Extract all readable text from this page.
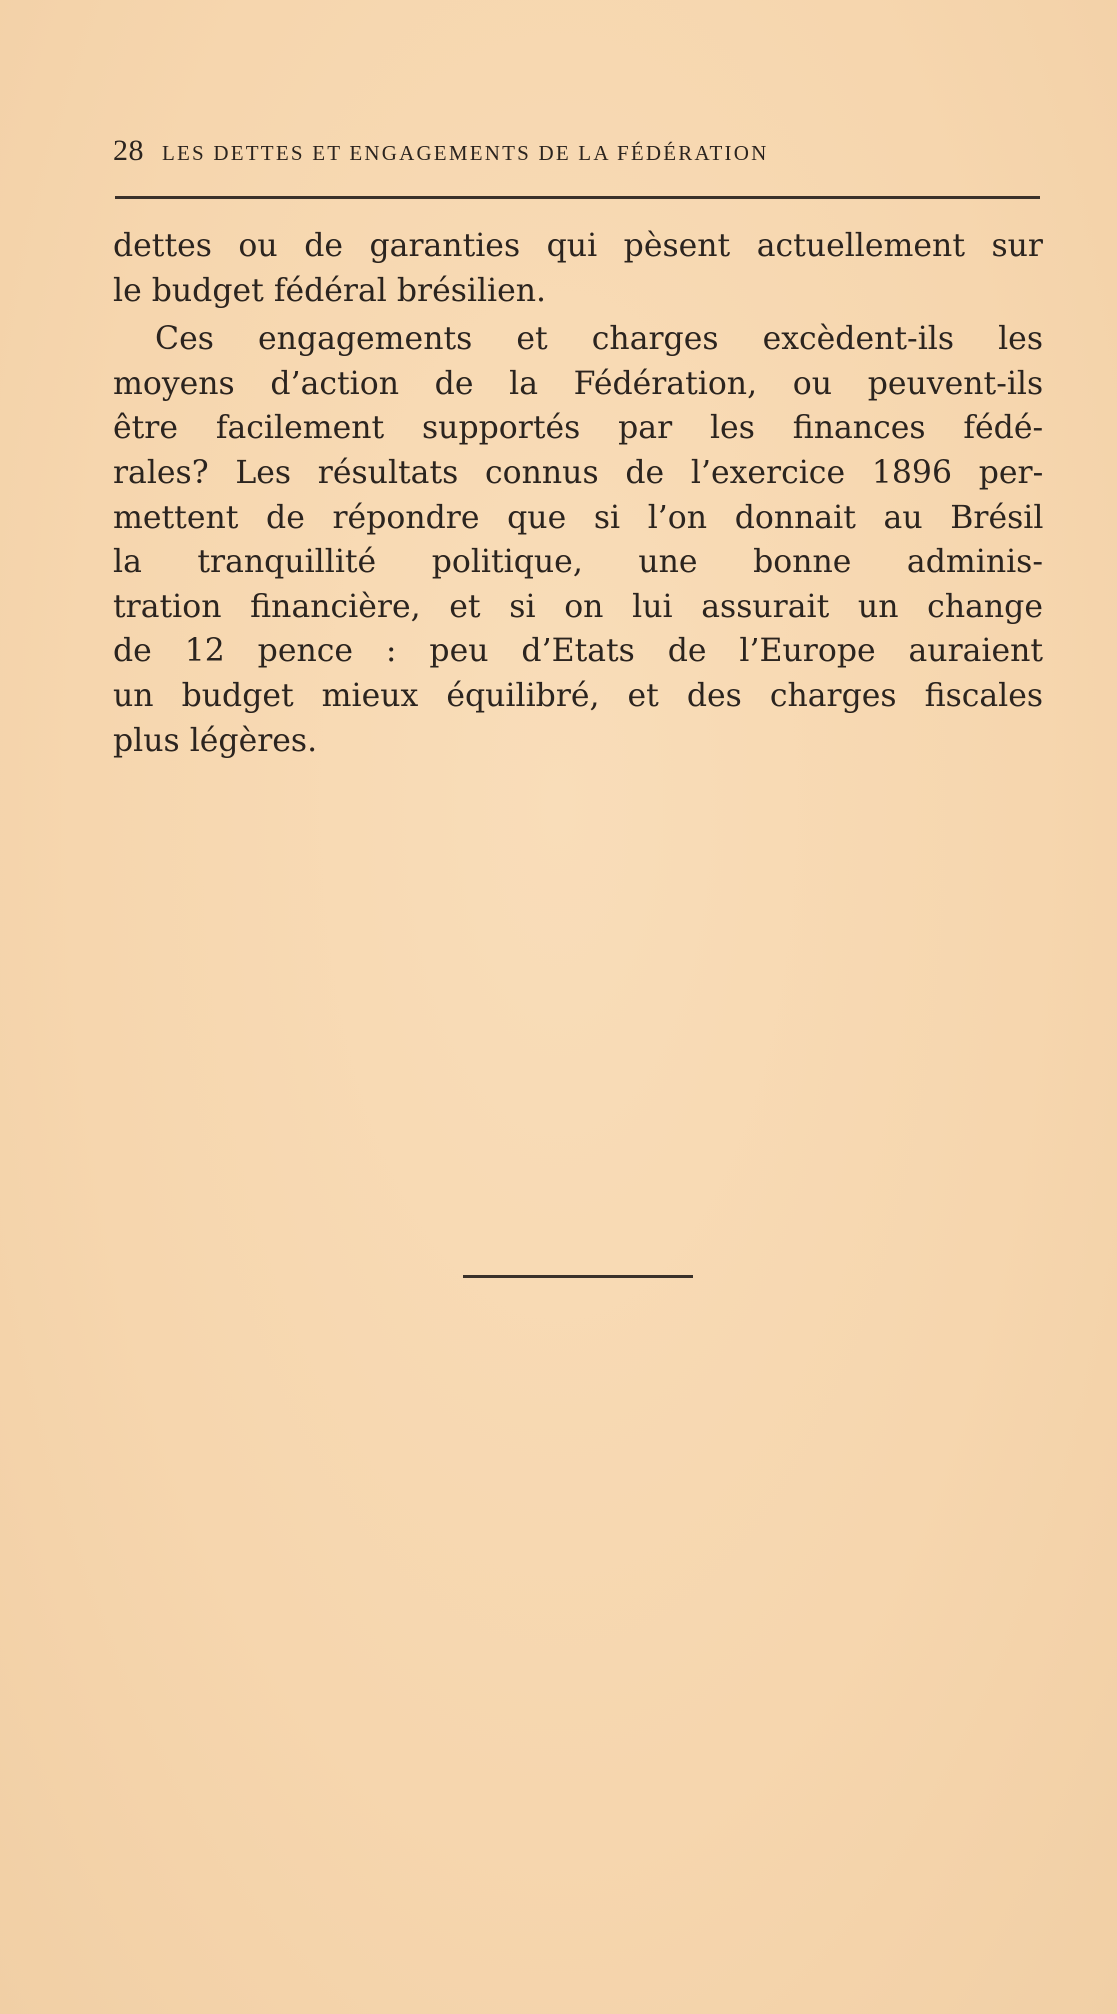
28 LES DETTES ET ENGAGEMENTS DE LA FÉDÉRATION

dettes ou de garanties qui pèsent actuellement sur
le budget fédéral brésilien.

Ces engagements et charges excèdent-ils les
moyens d’action de la Fédération, ou peuvent-ils
être facilement supportés par les finances fédé-
rales? Les résultats connus de l’exercice 1896 per-
mettent de répondre que si l’on donnait au Brésil
la tranquillité politique, une bonne adminis-
tration financière, et si on lui assurait un change
de 12 pence : peu d’Etats de l’Europe auraient
un budget mieux équilibré, et des charges fiscales
plus légères.
